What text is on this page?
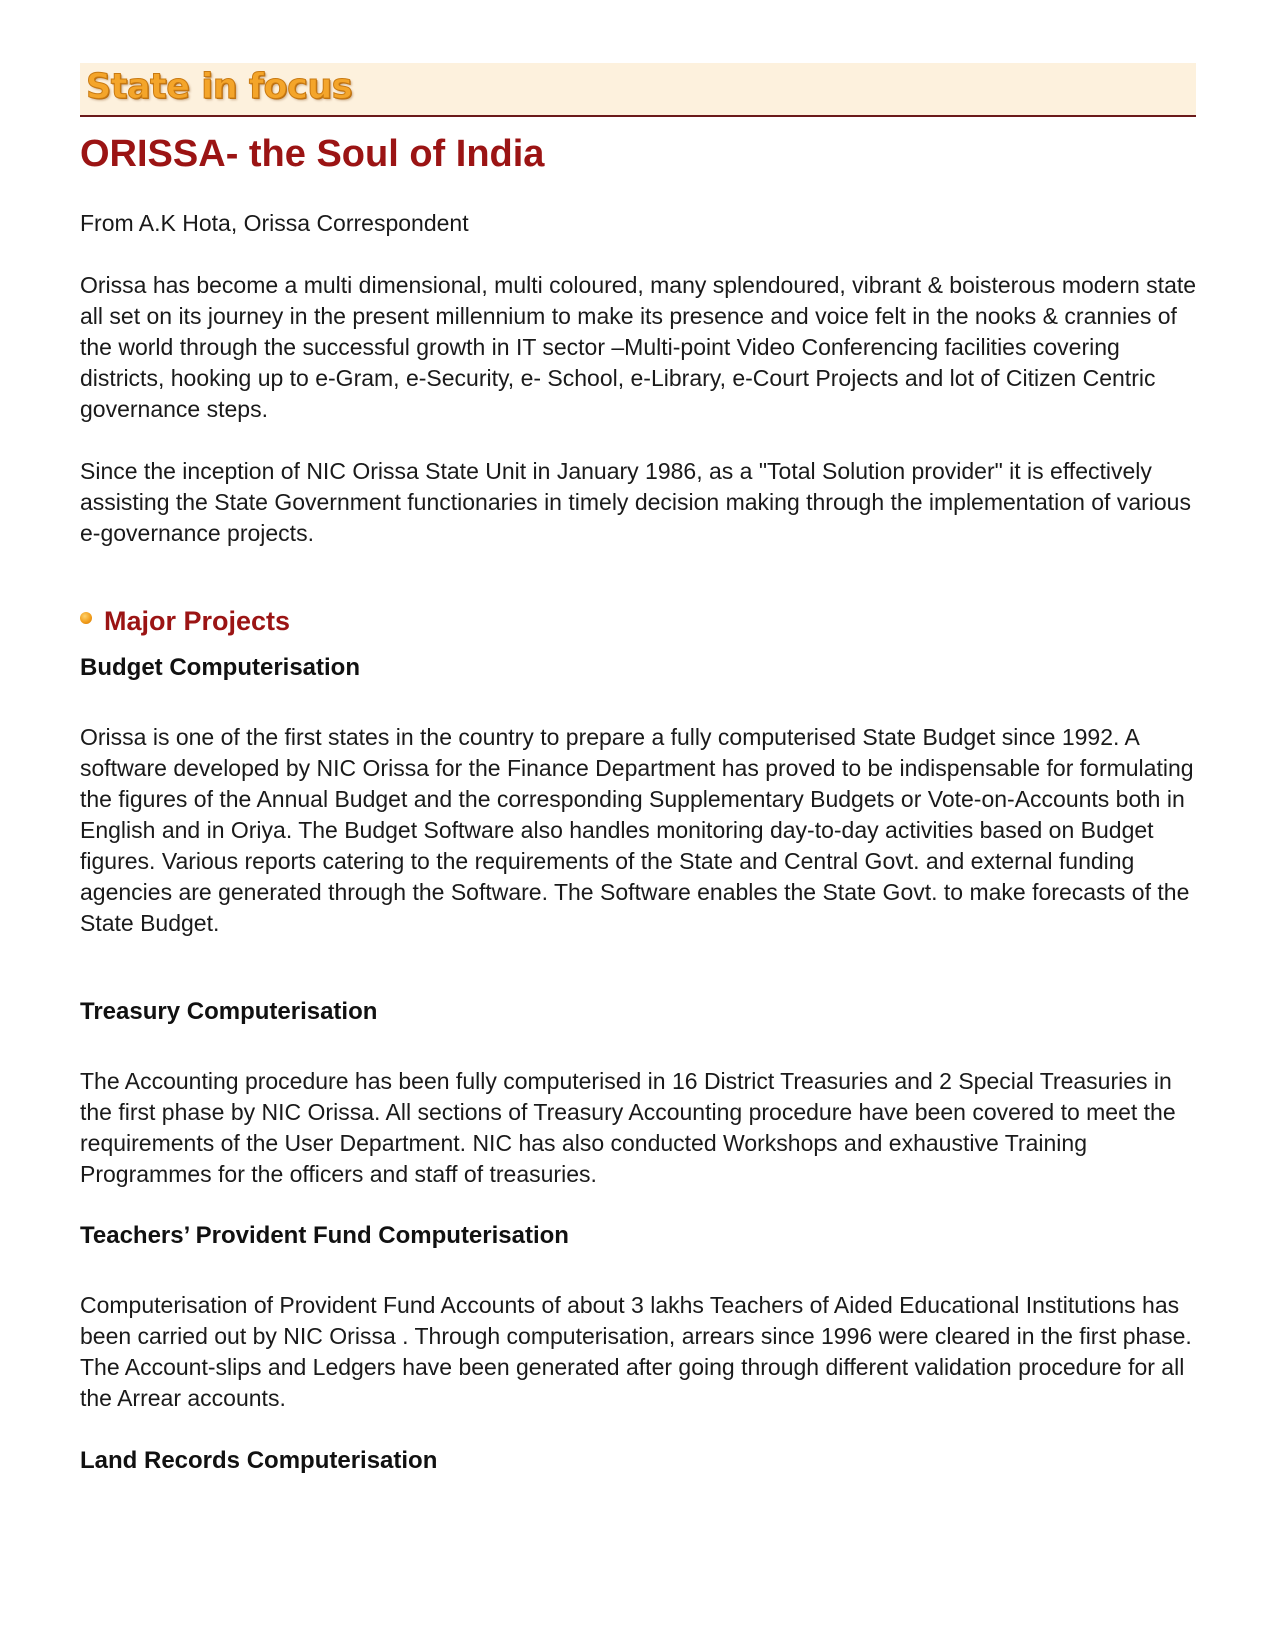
State in focus
ORISSA- the Soul of India

From A.K Hota, Orissa Correspondent

Orissa has become a multi dimensional, multi coloured, many splendoured, vibrant & boisterous modern state all set on its journey in the present millennium to make its presence and voice felt in the nooks & crannies of the world through the successful growth in IT sector –Multi-point Video Conferencing facilities covering districts, hooking up to e-Gram, e-Security, e- School, e-Library, e-Court Projects and lot of Citizen Centric governance steps.

Since the inception of NIC Orissa State Unit in January 1986, as a "Total Solution provider" it is effectively assisting the State Government functionaries in timely decision making through the implementation of various e-governance projects.

Major Projects
Budget Computerisation

Orissa is one of the first states in the country to prepare a fully computerised State Budget since 1992. A software developed by NIC Orissa for the Finance Department has proved to be indispensable for formulating the figures of the Annual Budget and the corresponding Supplementary Budgets or Vote-on-Accounts both in English and in Oriya. The Budget Software also handles monitoring day-to-day activities based on Budget figures. Various reports catering to the requirements of the State and Central Govt. and external funding agencies are generated through the Software. The Software enables the State Govt. to make forecasts of the State Budget.

Treasury Computerisation

The Accounting procedure has been fully computerised in 16 District Treasuries and 2 Special Treasuries in the first phase by NIC Orissa. All sections of Treasury Accounting procedure have been covered to meet the requirements of the User Department. NIC has also conducted Workshops and exhaustive Training Programmes for the officers and staff of treasuries.

Teachers’ Provident Fund Computerisation

Computerisation of Provident Fund Accounts of about 3 lakhs Teachers of Aided Educational Institutions has been carried out by NIC Orissa . Through computerisation, arrears since 1996 were cleared in the first phase. The Account-slips and Ledgers have been generated after going through different validation procedure for all the Arrear accounts.

Land Records Computerisation
